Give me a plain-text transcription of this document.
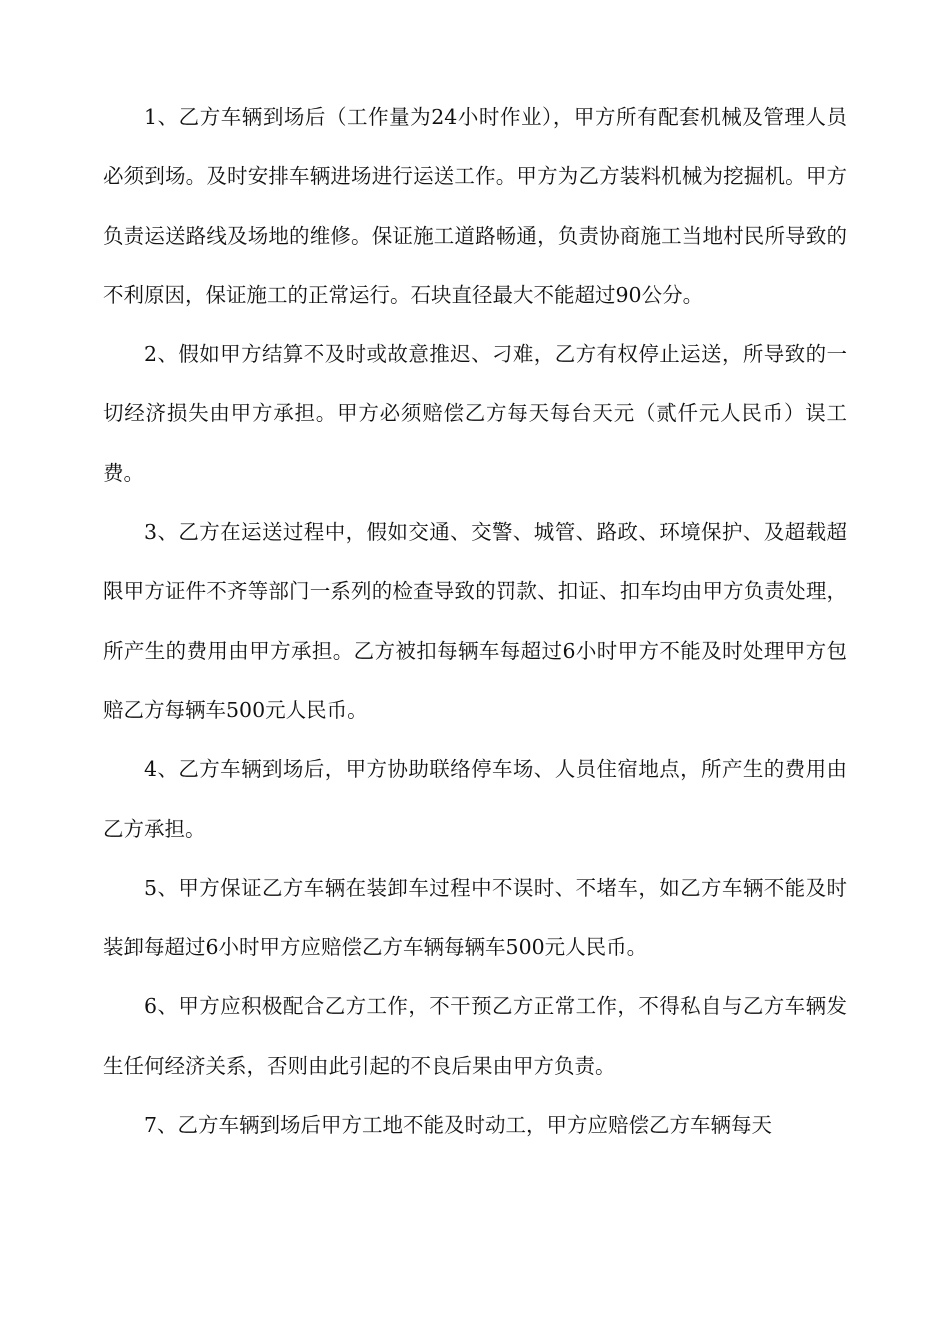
1、乙方车辆到场后（工作量为24小时作业），甲方所有配套机械及管理人员必须到场。及时安排车辆进场进行运送工作。甲方为乙方装料机械为挖掘机。甲方负责运送路线及场地的维修。保证施工道路畅通，负责协商施工当地村民所导致的不利原因，保证施工的正常运行。石块直径最大不能超过90公分。

2、假如甲方结算不及时或故意推迟、刁难，乙方有权停止运送，所导致的一切经济损失由甲方承担。甲方必须赔偿乙方每天每台天元（贰仟元人民币）误工费。

3、乙方在运送过程中，假如交通、交警、城管、路政、环境保护、及超载超限甲方证件不齐等部门一系列的检查导致的罚款、扣证、扣车均由甲方负责处理，所产生的费用由甲方承担。乙方被扣每辆车每超过6小时甲方不能及时处理甲方包赔乙方每辆车500元人民币。

4、乙方车辆到场后，甲方协助联络停车场、人员住宿地点，所产生的费用由乙方承担。

5、甲方保证乙方车辆在装卸车过程中不误时、不堵车，如乙方车辆不能及时装卸每超过6小时甲方应赔偿乙方车辆每辆车500元人民币。

6、甲方应积极配合乙方工作，不干预乙方正常工作，不得私自与乙方车辆发生任何经济关系，否则由此引起的不良后果由甲方负责。

7、乙方车辆到场后甲方工地不能及时动工，甲方应赔偿乙方车辆每天
